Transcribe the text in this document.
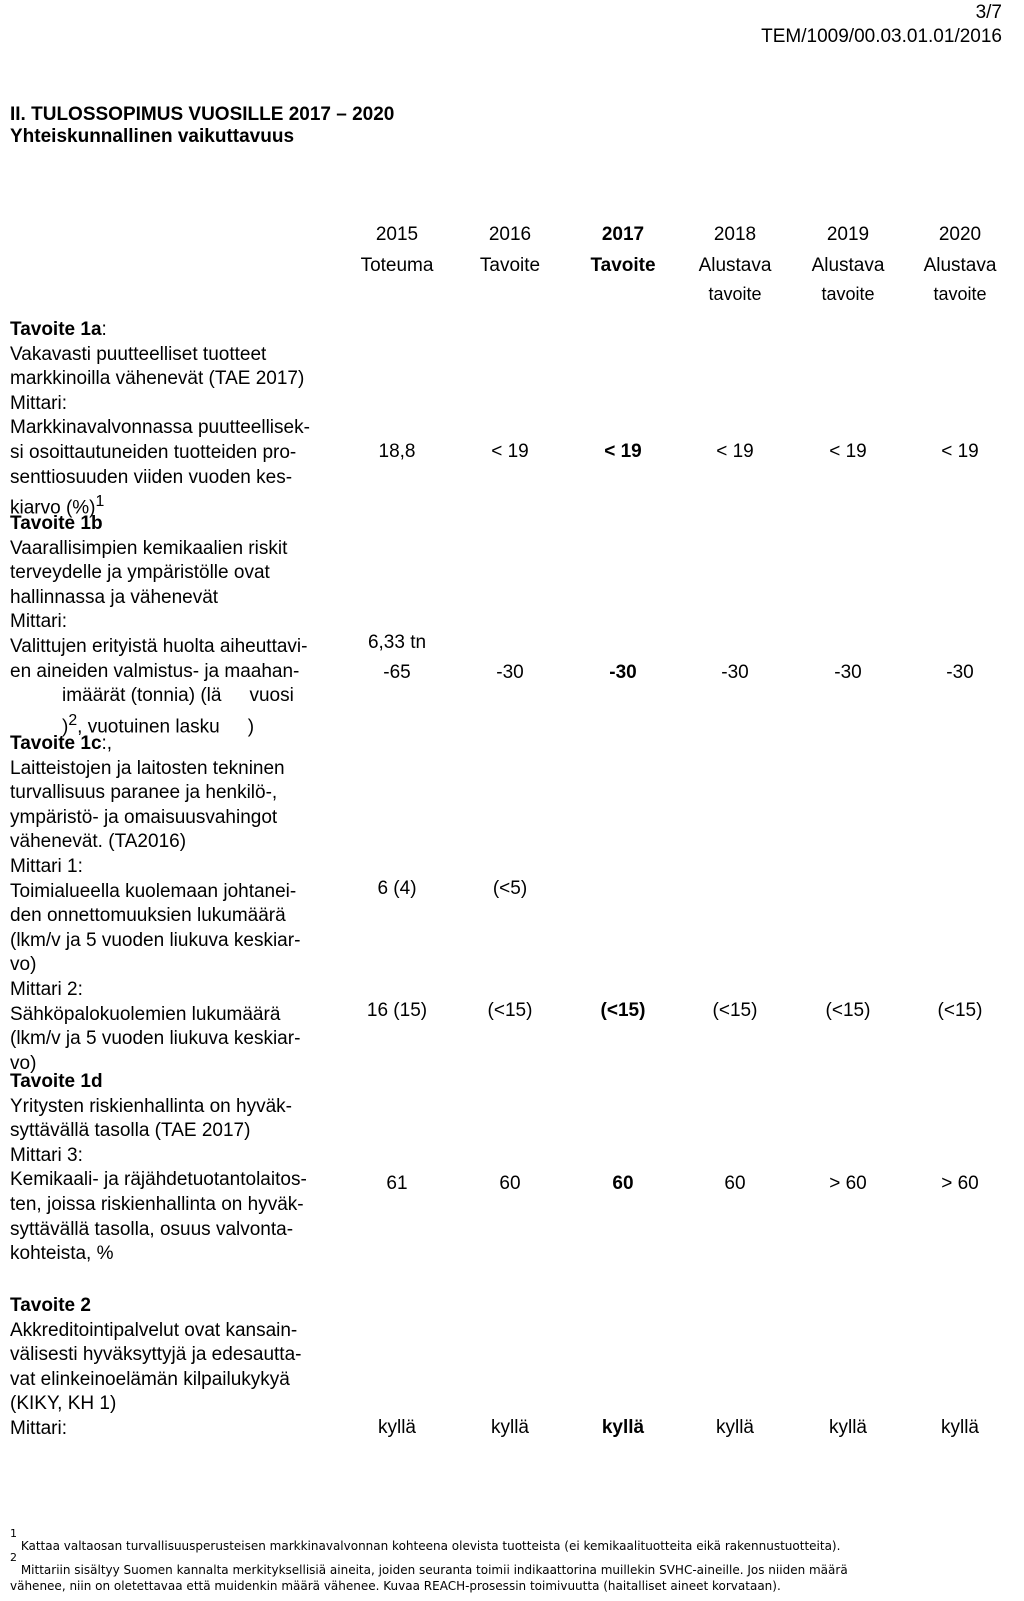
3/7
TEM/1009/00.03.01.01/2016
II. TULOSSOPIMUS VUOSILLE 2017 – 2020
Yhteiskunnallinen vaikuttavuus
2015
Toteuma
2016
Tavoite
2017
Tavoite
2018
Alustava
tavoite
2019
Alustava
tavoite
2020
Alustava
tavoite
Tavoite 1a:
Vakavasti puutteelliset tuotteet
markkinoilla vähenevät (TAE 2017)
Mittari:
Markkinavalvonnassa puutteellisek-
si osoittautuneiden tuotteiden pro-
senttiosuuden viiden vuoden kes-
kiarvo (%)$^1$
18,8	< 19	< 19	< 19	< 19	< 19
Tavoite 1b
Vaarallisimpien kemikaalien riskit
terveydelle ja ympäristölle ovat
hallinnassa ja vähenevät
Mittari:
Valittujen erityistä huolta aiheuttavi-
en aineiden valmistus- ja maahan-
imäärät (tonnia) (lä vuosi
)$^2$, vuotuinen lasku )
6,33 tn
-65	-30	-30	-30	-30	-30
Tavoite 1c:,
Laitteistojen ja laitosten tekninen
turvallisuus paranee ja henkilö-,
ympäristö- ja omaisuusvahingot
vähenevät. (TA2016)
Mittari 1:
Toimialueella kuolemaan johtanei-
den onnettomuuksien lukumäärä
(lkm/v ja 5 vuoden liukuva keskiar-
vo)
Mittari 2:
Sähköpalokuolemien lukumäärä
(lkm/v ja 5 vuoden liukuva keskiar-
vo)
6 (4)	(<5)
16 (15)	(<15)	(<15)	(<15)	(<15)	(<15)
Tavoite 1d
Yritysten riskienhallinta on hyväk-
syttävällä tasolla (TAE 2017)
Mittari 3:
Kemikaali- ja räjähdetuotantolaitos-
ten, joissa riskienhallinta on hyväk-
syttävällä tasolla, osuus valvonta-
kohteista, %
61	60	60	60	> 60	> 60
Tavoite 2
Akkreditointipalvelut ovat kansain-
välisesti hyväksyttyjä ja edesautta-
vat elinkeinoelämän kilpailukykyä
(KIKY, KH 1)
Mittari:	kyllä	kyllä	kyllä	kyllä	kyllä	kyllä
$^1$ Kattaa valtaosan turvallisuusperusteisen markkinavalvonnan kohteena olevista tuotteista (ei kemikaalituotteita eikä rakennustuotteita).
$^2$ Mittariin sisältyy Suomen kannalta merkityksellisiä aineita, joiden seuranta toimii indikaattorina muillekin SVHC-aineille. Jos niiden määrä
vähenee, niin on oletettavaa että muidenkin määrä vähenee. Kuvaa REACH-prosessin toimivuutta (haitalliset aineet korvataan).
